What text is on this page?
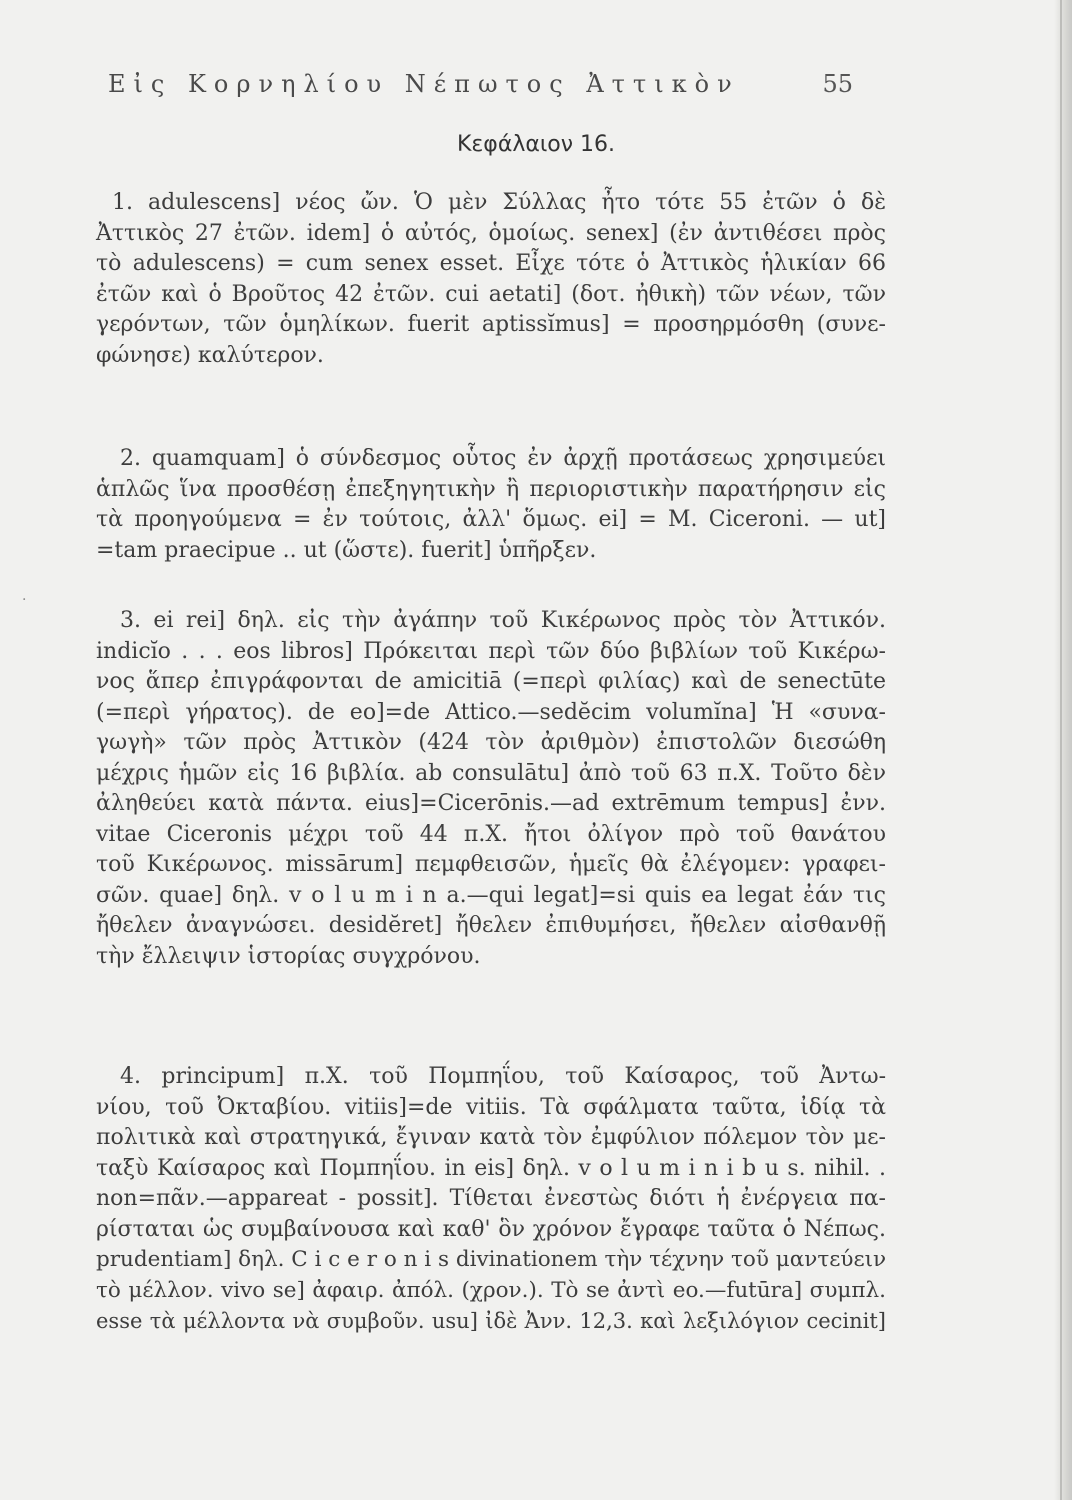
Εἰς Κορνηλίου Νέπωτος Ἀττικὸν	55
Κεφάλαιον 16.
·
1. adulescens] νέος ὤν. Ὁ μὲν Σύλλας ἦτο τότε 55 ἐτῶν ὁ δὲ
Ἀττικὸς 27 ἐτῶν. idem] ὁ αὐτός, ὁμοίως. senex] (ἐν ἀντιθέσει πρὸς
τὸ adulescens) = cum senex esset. Εἶχε τότε ὁ Ἀττικὸς ἡλικίαν 66
ἐτῶν καὶ ὁ Βροῦτος 42 ἐτῶν. cui aetati] (δοτ. ἠθικὴ) τῶν νέων, τῶν
γερόντων, τῶν ὁμηλίκων. fuerit aptissĭmus] = προσηρμόσθη (συνε-
φώνησε) καλύτερον.
2. quamquam] ὁ σύνδεσμος οὗτος ἐν ἀρχῇ προτάσεως χρησιμεύει
ἁπλῶς ἵνα προσθέσῃ ἐπεξηγητικὴν ἢ περιοριστικὴν παρατήρησιν εἰς
τὰ προηγούμενα = ἐν τούτοις, ἀλλ' ὅμως. ei] = M. Ciceroni. — ut]
=tam praecipue .. ut (ὥστε). fuerit] ὑπῆρξεν.
3. ei rei] δηλ. εἰς τὴν ἀγάπην τοῦ Κικέρωνος πρὸς τὸν Ἀττικόν.
indicĭo . . . eos libros] Πρόκειται περὶ τῶν δύο βιβλίων τοῦ Κικέρω-
νος ἅπερ ἐπιγράφονται de amicitiā (=περὶ φιλίας) καὶ de senectūte
(=περὶ γήρατος). de eo]=de Attico.—sedĕcim volumĭna] Ἡ «συνα-
γωγὴ» τῶν πρὸς Ἀττικὸν (424 τὸν ἀριθμὸν) ἐπιστολῶν διεσώθη
μέχρις ἡμῶν εἰς 16 βιβλία. ab consulātu] ἀπὸ τοῦ 63 π.Χ. Τοῦτο δὲν
ἀληθεύει κατὰ πάντα. eius]=Cicerōnis.—ad extrēmum tempus] ἐνν.
vitae Ciceronis μέχρι τοῦ 44 π.Χ. ἤτοι ὀλίγον πρὸ τοῦ θανάτου
τοῦ Κικέρωνος. missārum] πεμφθεισῶν, ἡμεῖς θὰ ἐλέγομεν: γραφει-
σῶν. quae] δηλ. v o l u m i n a.—qui legat]=si quis ea legat ἐάν τις
ἤθελεν ἀναγνώσει. desidĕret] ἤθελεν ἐπιθυμήσει, ἤθελεν αἰσθανθῇ
τὴν ἔλλειψιν ἱστορίας συγχρόνου.
4. principum] π.Χ. τοῦ Πομπηΐου, τοῦ Καίσαρος, τοῦ Ἀντω-
νίου, τοῦ Ὀκταβίου. vitiis]=de vitiis. Τὰ σφάλματα ταῦτα, ἰδίᾳ τὰ
πολιτικὰ καὶ στρατηγικά, ἔγιναν κατὰ τὸν ἐμφύλιον πόλεμον τὸν με-
ταξὺ Καίσαρος καὶ Πομπηΐου. in eis] δηλ. v o l u m i n i b u s. nihil. .
non=πᾶν.—appareat - possit]. Τίθεται ἐνεστὼς διότι ἡ ἐνέργεια πα-
ρίσταται ὡς συμβαίνουσα καὶ καθ' ὃν χρόνον ἔγραφε ταῦτα ὁ Νέπως.
prudentiam] δηλ. C i c e r o n i s divinationem τὴν τέχνην τοῦ μαντεύειν
τὸ μέλλον. vivo se] ἀφαιρ. ἀπόλ. (χρον.). Τὸ se ἀντὶ eo.—futūra] συμπλ.
esse τὰ μέλλοντα νὰ συμβοῦν. usu] ἰδὲ Ἀνν. 12,3. καὶ λεξιλόγιον cecinit]
